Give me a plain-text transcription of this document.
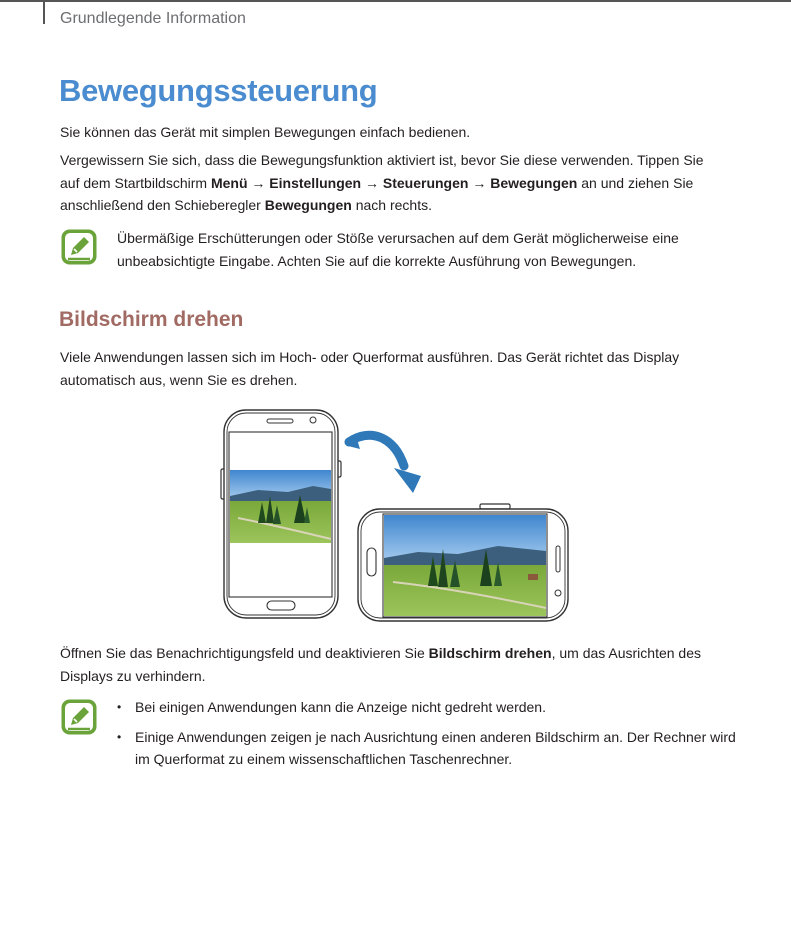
Grundlegende Information
Bewegungssteuerung
Sie können das Gerät mit simplen Bewegungen einfach bedienen.
Vergewissern Sie sich, dass die Bewegungsfunktion aktiviert ist, bevor Sie diese verwenden. Tippen Sie
auf dem Startbildschirm Menü → Einstellungen → Steuerungen → Bewegungen an und ziehen Sie
anschließend den Schieberegler Bewegungen nach rechts.
Übermäßige Erschütterungen oder Stöße verursachen auf dem Gerät möglicherweise eine
unbeabsichtigte Eingabe. Achten Sie auf die korrekte Ausführung von Bewegungen.
Bildschirm drehen
Viele Anwendungen lassen sich im Hoch- oder Querformat ausführen. Das Gerät richtet das Display
automatisch aus, wenn Sie es drehen.
Öffnen Sie das Benachrichtigungsfeld und deaktivieren Sie Bildschirm drehen, um das Ausrichten des
Displays zu verhindern.
• Bei einigen Anwendungen kann die Anzeige nicht gedreht werden.
• Einige Anwendungen zeigen je nach Ausrichtung einen anderen Bildschirm an. Der Rechner wird im Querformat zu einem wissenschaftlichen Taschenrechner.
